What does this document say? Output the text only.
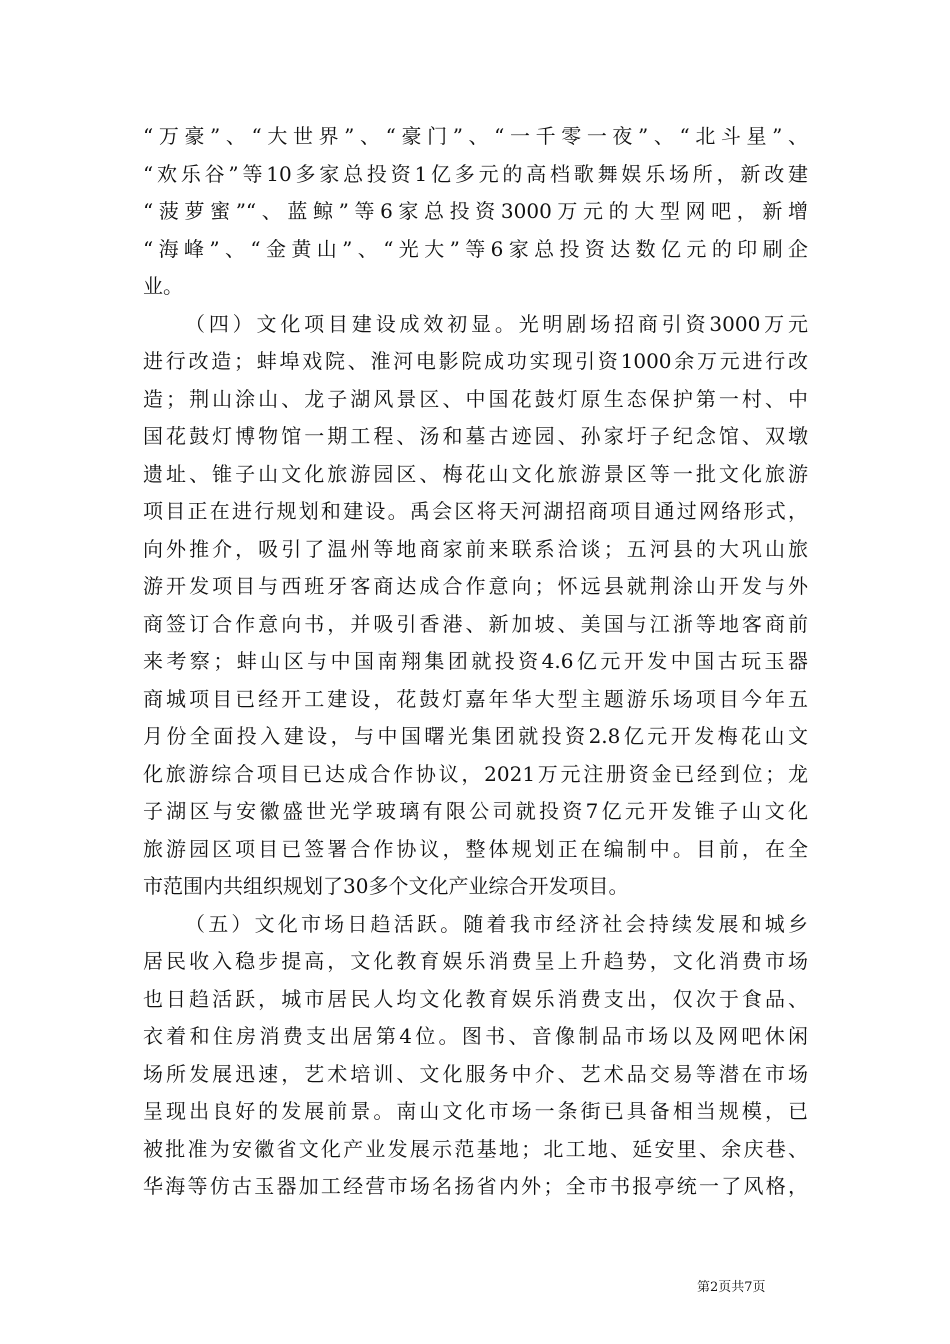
“万豪”、“大世界”、“豪门”、“一千零一夜”、“北斗星”、
“欢乐谷”等10多家总投资1亿多元的高档歌舞娱乐场所，新改建
“菠萝蜜”“、蓝鲸”等6家总投资3000万元的大型网吧，新增
“海峰”、“金黄山”、“光大”等6家总投资达数亿元的印刷企
业。
（四）文化项目建设成效初显。光明剧场招商引资3000万元
进行改造；蚌埠戏院、淮河电影院成功实现引资1000余万元进行改
造；荆山涂山、龙子湖风景区、中国花鼓灯原生态保护第一村、中
国花鼓灯博物馆一期工程、汤和墓古迹园、孙家圩子纪念馆、双墩
遗址、锥子山文化旅游园区、梅花山文化旅游景区等一批文化旅游
项目正在进行规划和建设。禹会区将天河湖招商项目通过网络形式，
向外推介，吸引了温州等地商家前来联系洽谈；五河县的大巩山旅
游开发项目与西班牙客商达成合作意向；怀远县就荆涂山开发与外
商签订合作意向书，并吸引香港、新加坡、美国与江浙等地客商前
来考察；蚌山区与中国南翔集团就投资4.6亿元开发中国古玩玉器
商城项目已经开工建设，花鼓灯嘉年华大型主题游乐场项目今年五
月份全面投入建设，与中国曙光集团就投资2.8亿元开发梅花山文
化旅游综合项目已达成合作协议，2021万元注册资金已经到位；龙
子湖区与安徽盛世光学玻璃有限公司就投资7亿元开发锥子山文化
旅游园区项目已签署合作协议，整体规划正在编制中。目前，在全
市范围内共组织规划了30多个文化产业综合开发项目。
（五）文化市场日趋活跃。随着我市经济社会持续发展和城乡
居民收入稳步提高，文化教育娱乐消费呈上升趋势，文化消费市场
也日趋活跃，城市居民人均文化教育娱乐消费支出，仅次于食品、
衣着和住房消费支出居第4位。图书、音像制品市场以及网吧休闲
场所发展迅速，艺术培训、文化服务中介、艺术品交易等潜在市场
呈现出良好的发展前景。南山文化市场一条街已具备相当规模，已
被批准为安徽省文化产业发展示范基地；北工地、延安里、余庆巷、
华海等仿古玉器加工经营市场名扬省内外；全市书报亭统一了风格，
第2页共7页
